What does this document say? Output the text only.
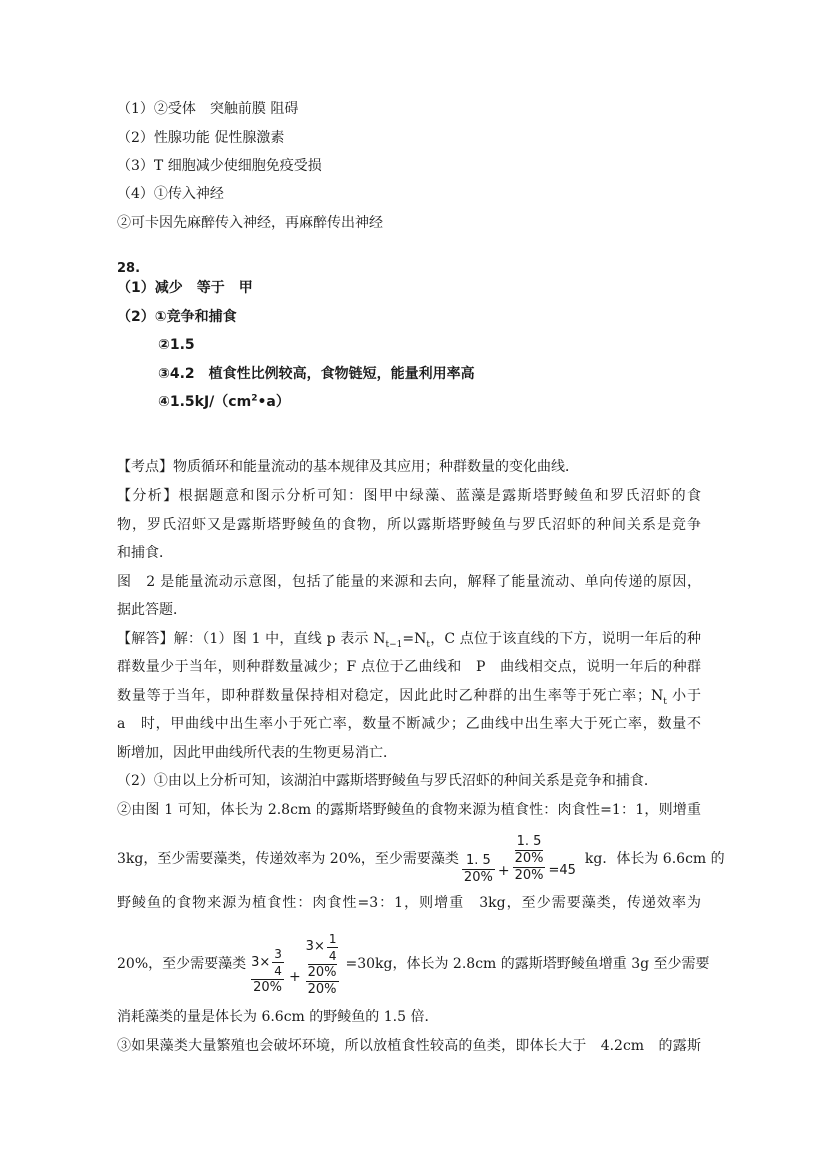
（1）②受体　突触前膜 阻碍
（2）性腺功能 促性腺激素
（3）T 细胞减少使细胞免疫受损
（4）①传入神经
②可卡因先麻醉传入神经，再麻醉传出神经
28.
（1）减少　等于　甲
（2）①竞争和捕食
②1.5
③4.2　植食性比例较高，食物链短，能量利用率高
$④1.5kJ/(cm^2•a)$
【考点】物质循环和能量流动的基本规律及其应用；种群数量的变化曲线．
【分析】根据题意和图示分析可知：图甲中绿藻、蓝藻是露斯塔野鲮鱼和罗氏沼虾的食
物，罗氏沼虾又是露斯塔野鲮鱼的食物，所以露斯塔野鲮鱼与罗氏沼虾的种间关系是竞争
和捕食．
图　2 是能量流动示意图，包括了能量的来源和去向，解释了能量流动、单向传递的原因，
据此答题．
【解答】解：（1）图 1 中，直线 p 表示 $N_{t-1}=N_t$，C 点位于该直线的下方，说明一年后的种
群数量少于当年，则种群数量减少；F 点位于乙曲线和　P　曲线相交点，说明一年后的种群
数量等于当年，即种群数量保持相对稳定，因此此时乙种群的出生率等于死亡率；$N_t$ 小于
a　时，甲曲线中出生率小于死亡率，数量不断减少；乙曲线中出生率大于死亡率，数量不
断增加，因此甲曲线所代表的生物更易消亡．
（2）①由以上分析可知，该湖泊中露斯塔野鲮鱼与罗氏沼虾的种间关系是竞争和捕食．
②由图 1 可知，体长为 2.8cm 的露斯塔野鲮鱼的食物来源为植食性：肉食性=1：1，则增重
3kg，至少需要藻类，传递效率为 20%，至少需要藻类 $\frac{1. 5}{20\%} + \frac{\frac{1. 5}{20\%}}{20\%} =45$
kg．体长为 6.6cm 的
野鲮鱼的食物来源为植食性：肉食性=3：1，则增重　3kg，至少需要藻类，传递效率为
20%，至少需要藻类 $\frac{3\times \frac{3}{4}}{20\%}$ +
$3\times \frac{1}{4}$
20%
20%
=30kg，体长为 2.8cm 的露斯塔野鲮鱼增重 3g 至少需要
消耗藻类的量是体长为 6.6cm 的野鲮鱼的 1.5 倍．
③如果藻类大量繁殖也会破坏环境，所以放植食性较高的鱼类，即体长大于　4.2cm　的露斯
